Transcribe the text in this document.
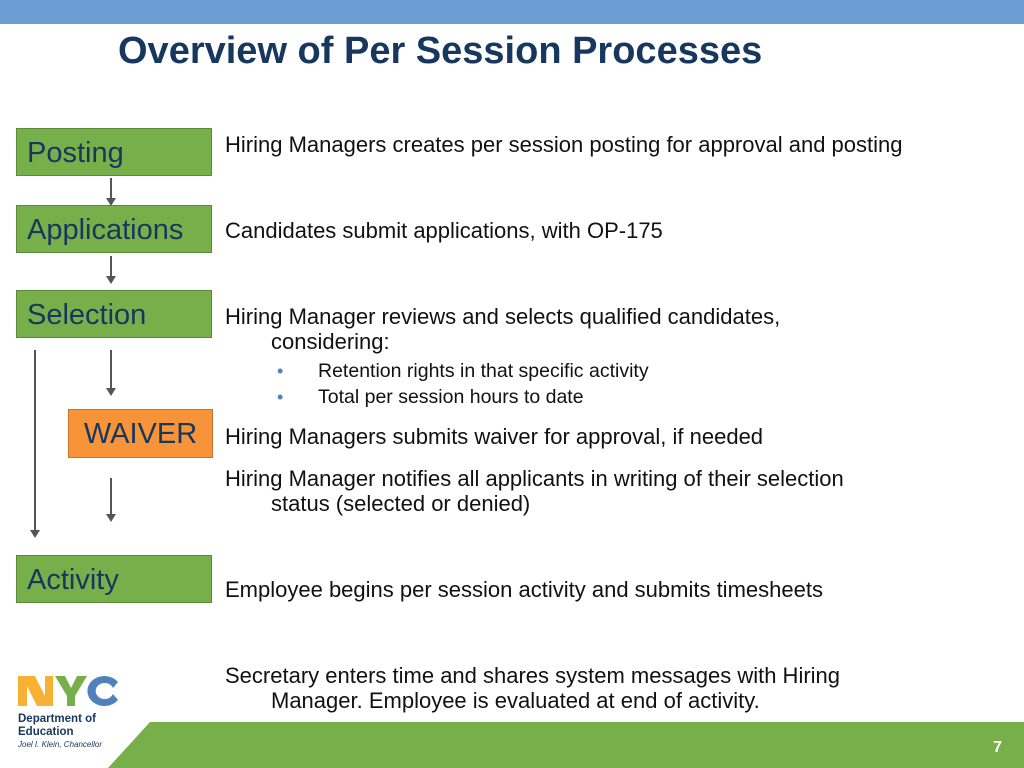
Overview of Per Session Processes
Posting
Applications
Selection
WAIVER
Activity
Hiring Managers creates per session posting for approval and posting
Candidates submit applications, with OP-175
Hiring Manager reviews and selects qualified candidates,
considering:
• Retention rights in that specific activity
• Total per session hours to date
Hiring Managers submits waiver for approval, if needed
Hiring Manager notifies all applicants in writing of their selection
status (selected or denied)
Employee begins per session activity and submits timesheets
Secretary enters time and shares system messages with Hiring
Manager. Employee is evaluated at end of activity.
7
Department of
Education
Joel I. Klein, Chancellor
